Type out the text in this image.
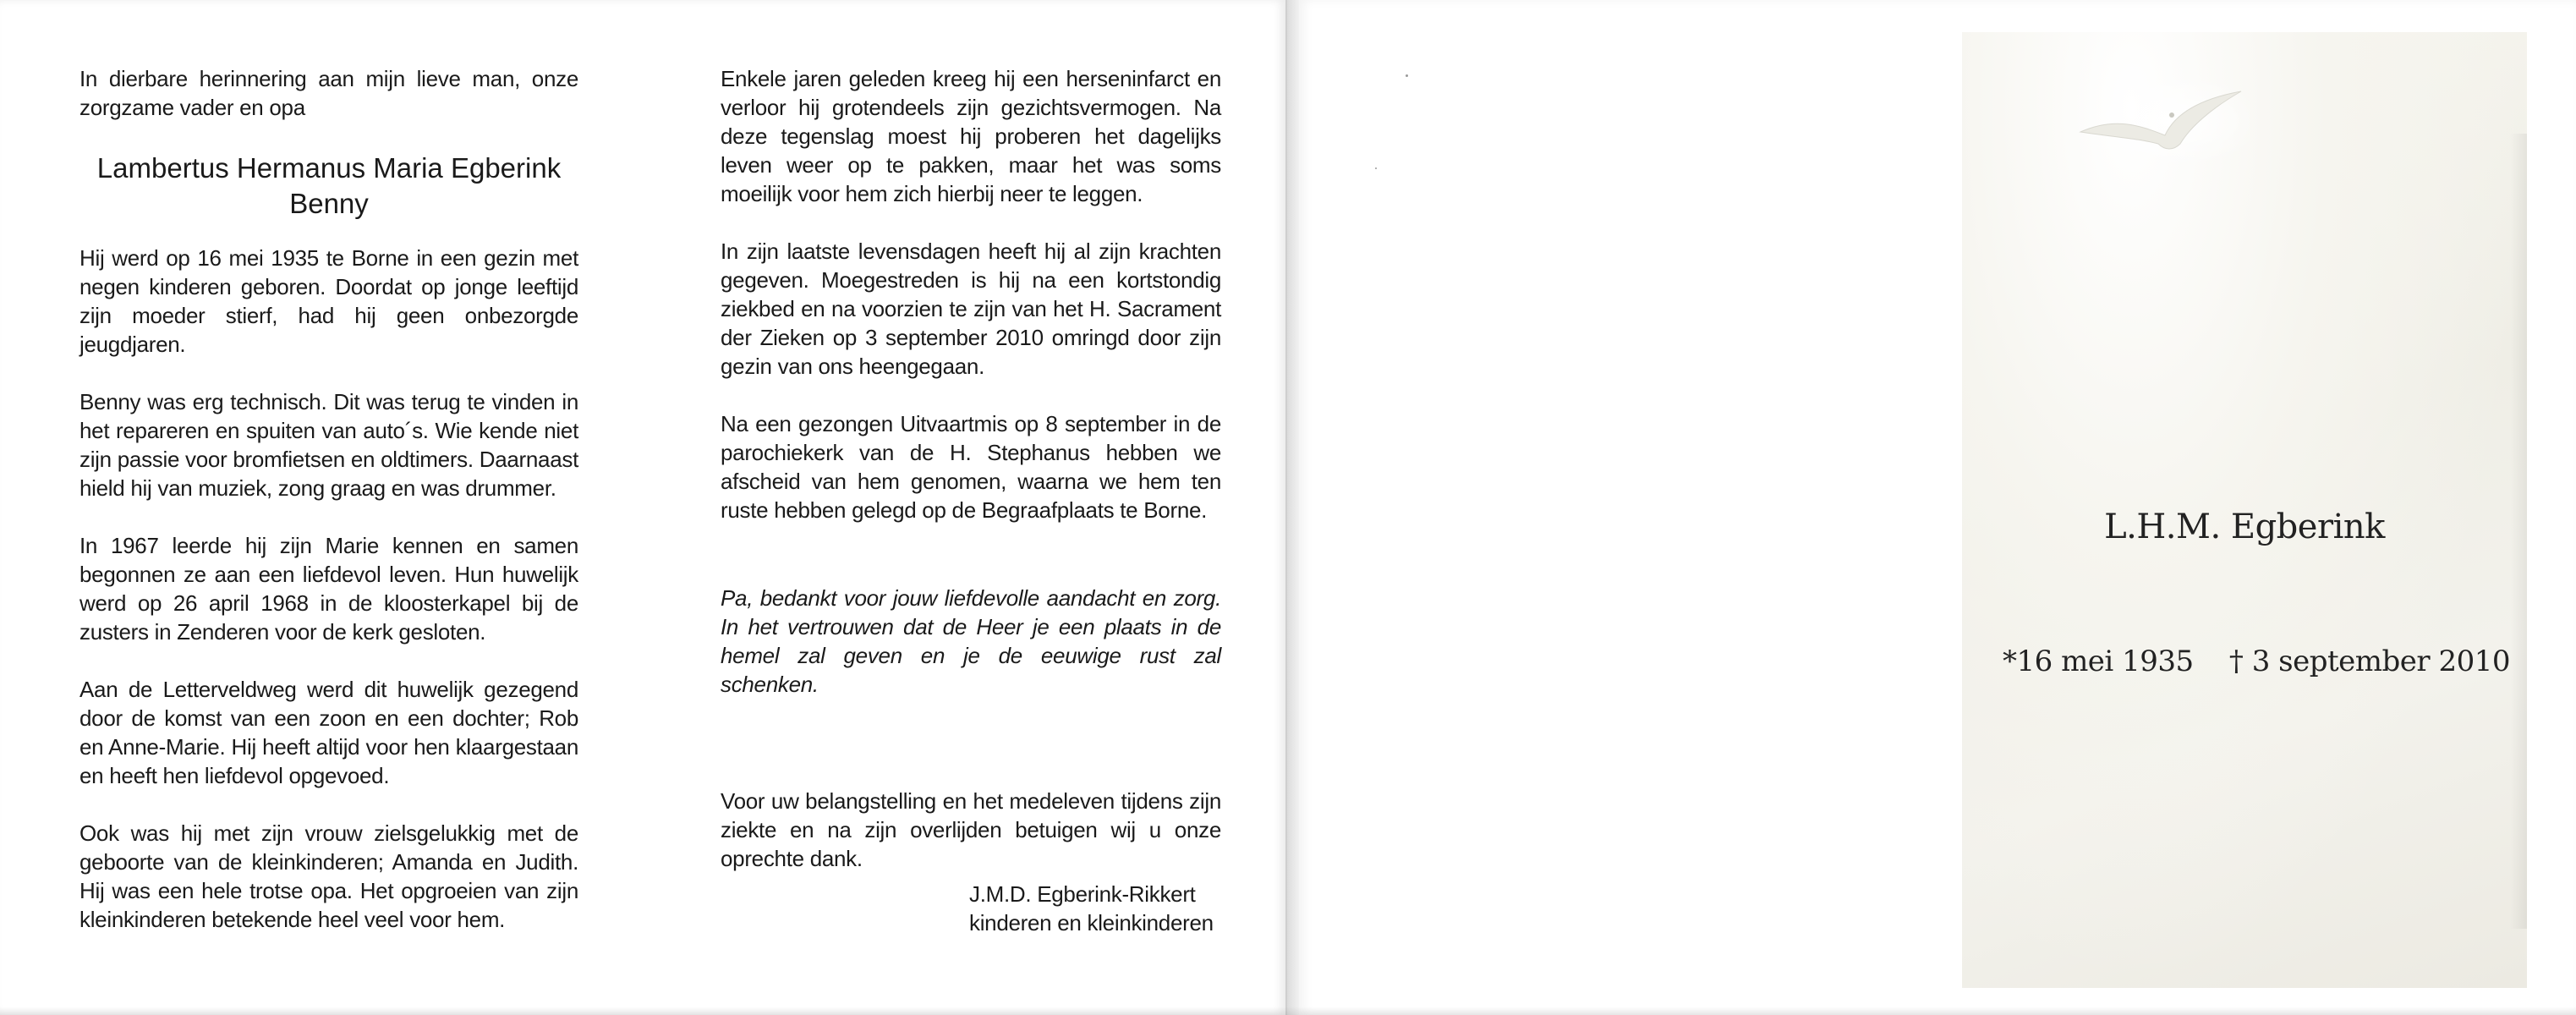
In dierbare herinnering aan mijn lieve man, onze zorgzame vader en opa

Lambertus Hermanus Maria Egberink
Benny

Hij werd op 16 mei 1935 te Borne in een gezin met negen kinderen geboren. Doordat op jonge leeftijd zijn moeder stierf, had hij geen onbezorgde jeugdjaren.

Benny was erg technisch. Dit was terug te vinden in het repareren en spuiten van auto´s. Wie kende niet zijn passie voor bromfietsen en oldtimers. Daarnaast hield hij van muziek, zong graag en was drummer.

In 1967 leerde hij zijn Marie kennen en samen begonnen ze aan een liefdevol leven. Hun huwelijk werd op 26 april 1968 in de kloosterkapel bij de zusters in Zenderen voor de kerk gesloten.

Aan de Letterveldweg werd dit huwelijk gezegend door de komst van een zoon en een dochter; Rob en Anne-Marie. Hij heeft altijd voor hen klaargestaan en heeft hen liefdevol opgevoed.

Ook was hij met zijn vrouw zielsgelukkig met de geboorte van de kleinkinderen; Amanda en Judith. Hij was een hele trotse opa. Het opgroeien van zijn kleinkinderen betekende heel veel voor hem.

Enkele jaren geleden kreeg hij een herseninfarct en verloor hij grotendeels zijn gezichtsvermogen. Na deze tegenslag moest hij proberen het dagelijks leven weer op te pakken, maar het was soms moeilijk voor hem zich hierbij neer te leggen.

In zijn laatste levensdagen heeft hij al zijn krachten gegeven. Moegestreden is hij na een kortstondig ziekbed en na voorzien te zijn van het H. Sacrament der Zieken op 3 september 2010 omringd door zijn gezin van ons heengegaan.

Na een gezongen Uitvaartmis op 8 september in de parochiekerk van de H. Stephanus hebben we afscheid van hem genomen, waarna we hem ten ruste hebben gelegd op de Begraafplaats te Borne.

Pa, bedankt voor jouw liefdevolle aandacht en zorg. In het vertrouwen dat de Heer je een plaats in de hemel zal geven en je de eeuwige rust zal schenken.

Voor uw belangstelling en het medeleven tijdens zijn ziekte en na zijn overlijden betuigen wij u onze oprechte dank.

J.M.D. Egberink-Rikkert
kinderen en kleinkinderen
L.H.M. Egberink
*16 mei 1935 † 3 september 2010
